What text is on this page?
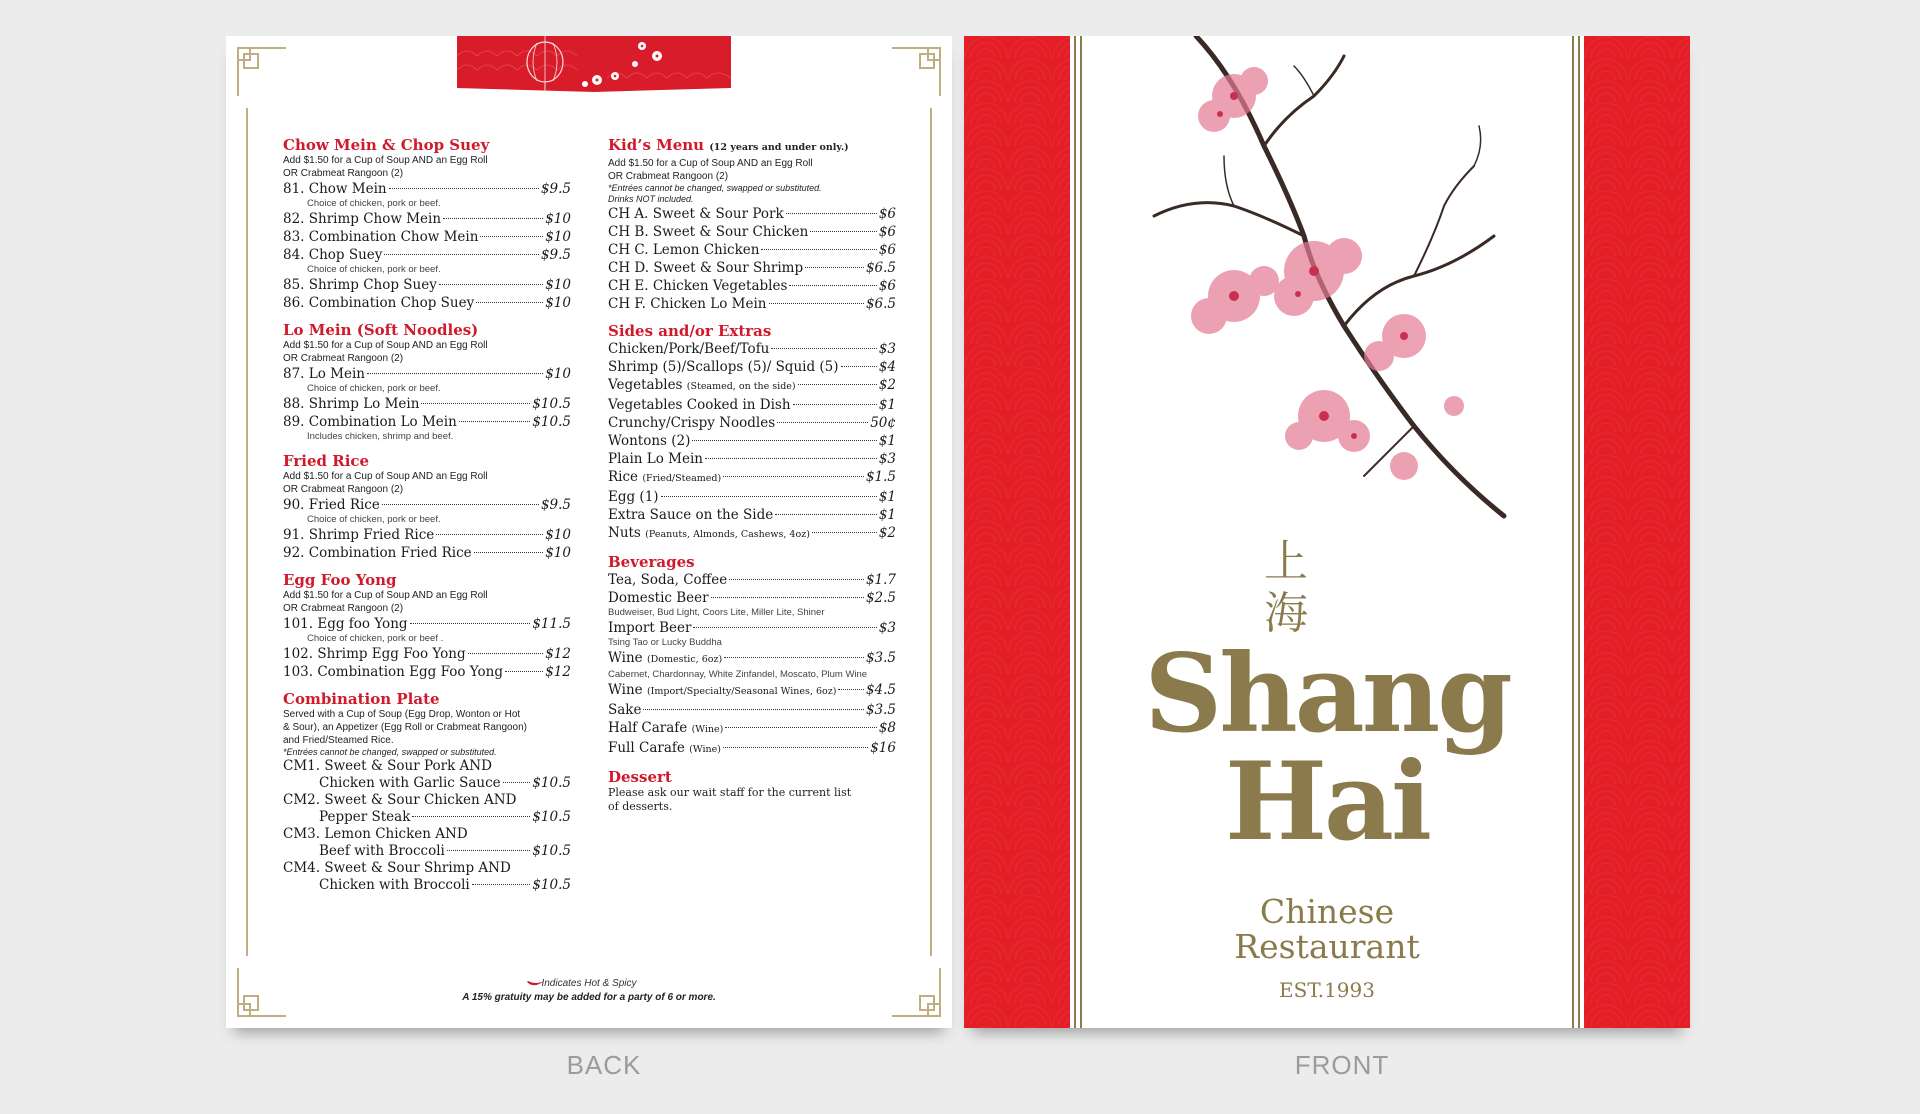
Chow Mein & Chop Suey
Add $1.50 for a Cup of Soup AND an Egg Roll
OR Crabmeat Rangoon (2)
81. Chow Mein	$9.5
Choice of chicken, pork or beef.
82. Shrimp Chow Mein	$10
83. Combination Chow Mein	$10
84. Chop Suey	$9.5
Choice of chicken, pork or beef.
85. Shrimp Chop Suey	$10
86. Combination Chop Suey	$10
Lo Mein (Soft Noodles)
Add $1.50 for a Cup of Soup AND an Egg Roll
OR Crabmeat Rangoon (2)
87. Lo Mein	$10
Choice of chicken, pork or beef.
88. Shrimp Lo Mein	$10.5
89. Combination Lo Mein	$10.5
Includes chicken, shrimp and beef.
Fried Rice
Add $1.50 for a Cup of Soup AND an Egg Roll
OR Crabmeat Rangoon (2)
90. Fried Rice	$9.5
Choice of chicken, pork or beef.
91. Shrimp Fried Rice	$10
92. Combination Fried Rice	$10
Egg Foo Yong
Add $1.50 for a Cup of Soup AND an Egg Roll
OR Crabmeat Rangoon (2)
101. Egg foo Yong	$11.5
Choice of chicken, pork or beef .
102. Shrimp Egg Foo Yong	$12
103. Combination Egg Foo Yong	$12
Combination Plate
Served with a Cup of Soup (Egg Drop, Wonton or Hot
& Sour), an Appetizer (Egg Roll or Crabmeat Rangoon)
and Fried/Steamed Rice.
*Entrées cannot be changed, swapped or substituted.
CM1. Sweet & Sour Pork AND
Chicken with Garlic Sauce $10.5
CM2. Sweet & Sour Chicken AND
Pepper Steak	$10.5
CM3. Lemon Chicken AND
Beef with Broccoli	$10.5
CM4. Sweet & Sour Shrimp AND
Chicken with Broccoli	$10.5
Kid’s Menu (12 years and under only.)
Add $1.50 for a Cup of Soup AND an Egg Roll
OR Crabmeat Rangoon (2)
*Entrées cannot be changed, swapped or substituted.
Drinks NOT included.
CH A. Sweet & Sour Pork	$6
CH B. Sweet & Sour Chicken	$6
CH C. Lemon Chicken	$6
CH D. Sweet & Sour Shrimp	$6.5
CH E. Chicken Vegetables	$6
CH F. Chicken Lo Mein	$6.5
Sides and/or Extras
Chicken/Pork/Beef/Tofu	$3
Shrimp (5)/Scallops (5)/ Squid (5)	$4
Vegetables (Steamed, on the side)	$2
Vegetables Cooked in Dish	$1
Crunchy/Crispy Noodles	50¢
Wontons (2)	$1
Plain Lo Mein	$3
Rice (Fried/Steamed)	$1.5
Egg (1)	$1
Extra Sauce on the Side	$1
Nuts (Peanuts, Almonds, Cashews, 4oz)	$2
Beverages
Tea, Soda, Coffee	$1.7
Domestic Beer	$2.5
Budweiser, Bud Light, Coors Lite, Miller Lite, Shiner
Import Beer	$3
Tsing Tao or Lucky Buddha
Wine (Domestic, 6oz)	$3.5
Cabernet, Chardonnay, White Zinfandel, Moscato, Plum Wine
Wine (Import/Specialty/Seasonal Wines, 6oz) $4.5
Sake	$3.5
Half Carafe (Wine)	$8
Full Carafe (Wine)	$16
Dessert
Please ask our wait staff for the current list
of desserts.
Indicates Hot & Spicy
A 15% gratuity may be added for a party of 6 or more.
BACK
上
海
Shang
Hai
Chinese
Restaurant
EST.1993
FRONT
